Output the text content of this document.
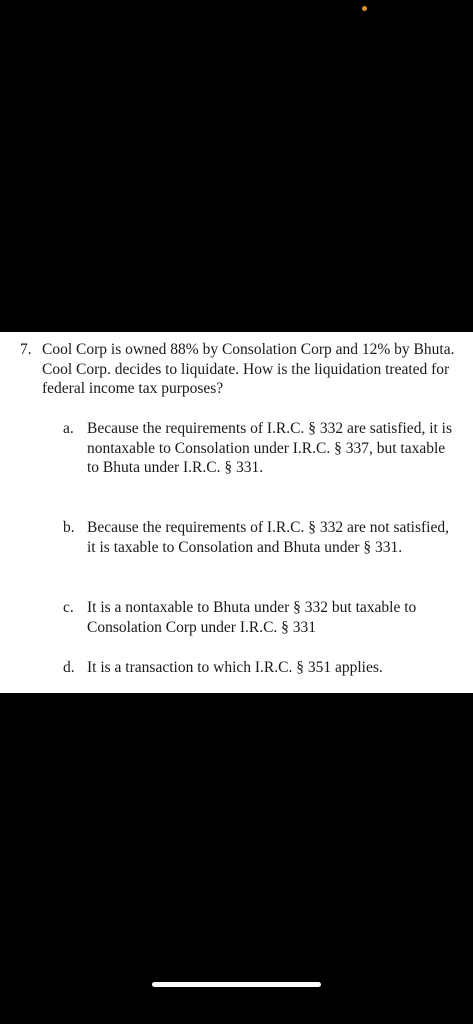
7. Cool Corp is owned 88% by Consolation Corp and 12% by Bhuta. Cool Corp. decides to liquidate. How is the liquidation treated for federal income tax purposes?
a. Because the requirements of I.R.C. § 332 are satisfied, it is nontaxable to Consolation under I.R.C. § 337, but taxable to Bhuta under I.R.C. § 331.
b. Because the requirements of I.R.C. § 332 are not satisfied, it is taxable to Consolation and Bhuta under § 331.
c. It is a nontaxable to Bhuta under § 332 but taxable to Consolation Corp under I.R.C. § 331
d. It is a transaction to which I.R.C. § 351 applies.
